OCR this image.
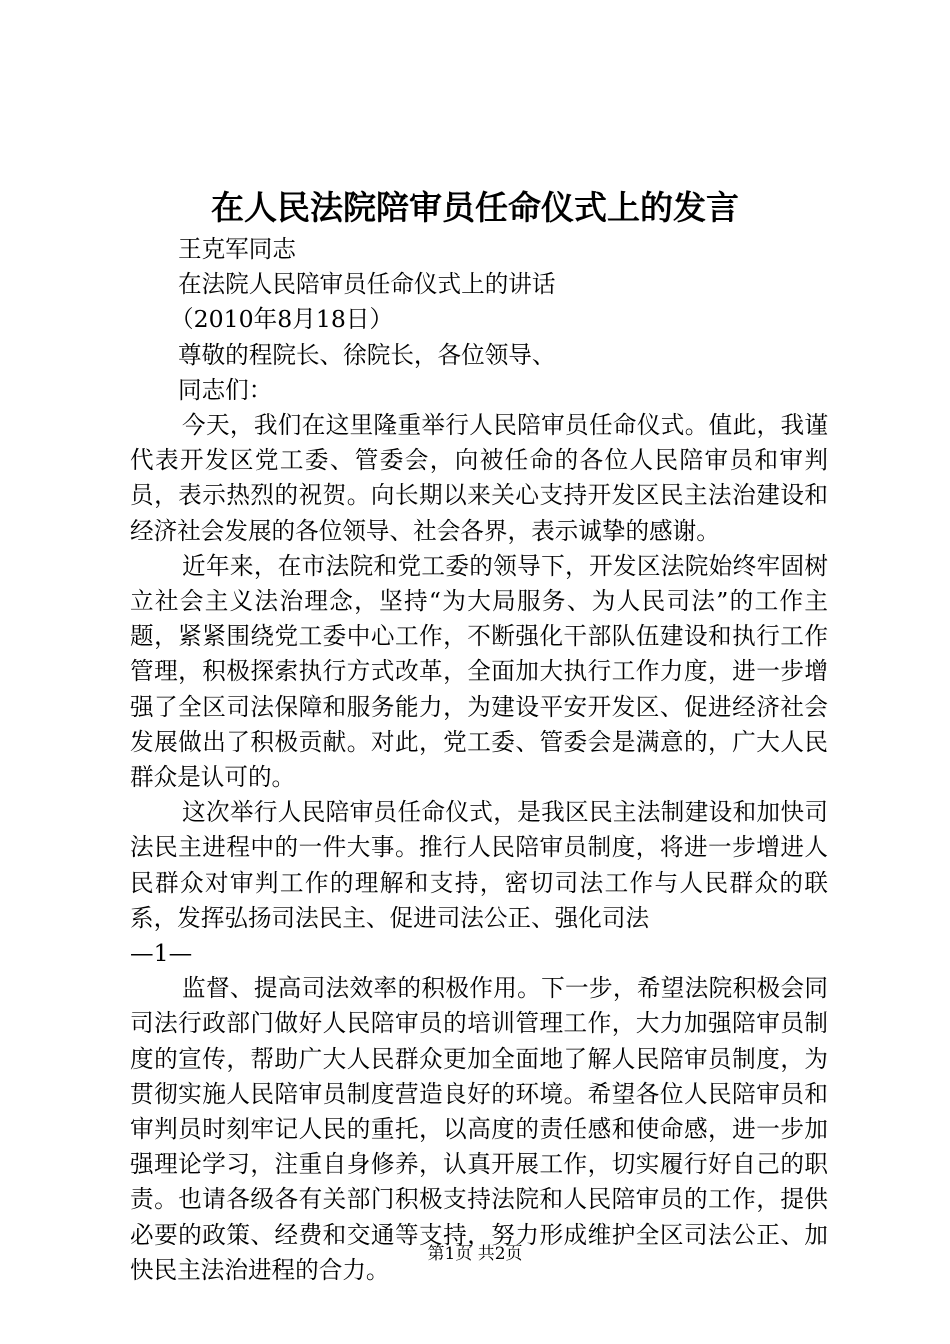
在人民法院陪审员任命仪式上的发言

王克军同志

在法院人民陪审员任命仪式上的讲话

（2010年8月18日）

尊敬的程院长、徐院长，各位领导、

同志们：

今天，我们在这里隆重举行人民陪审员任命仪式。值此，我谨代表开发区党工委、管委会，向被任命的各位人民陪审员和审判员，表示热烈的祝贺。向长期以来关心支持开发区民主法治建设和经济社会发展的各位领导、社会各界，表示诚挚的感谢。

近年来，在市法院和党工委的领导下，开发区法院始终牢固树立社会主义法治理念，坚持“为大局服务、为人民司法”的工作主题，紧紧围绕党工委中心工作，不断强化干部队伍建设和执行工作管理，积极探索执行方式改革，全面加大执行工作力度，进一步增强了全区司法保障和服务能力，为建设平安开发区、促进经济社会发展做出了积极贡献。对此，党工委、管委会是满意的，广大人民群众是认可的。

这次举行人民陪审员任命仪式，是我区民主法制建设和加快司法民主进程中的一件大事。推行人民陪审员制度，将进一步增进人民群众对审判工作的理解和支持，密切司法工作与人民群众的联系，发挥弘扬司法民主、促进司法公正、强化司法

—1—

监督、提高司法效率的积极作用。下一步，希望法院积极会同司法行政部门做好人民陪审员的培训管理工作，大力加强陪审员制度的宣传，帮助广大人民群众更加全面地了解人民陪审员制度，为贯彻实施人民陪审员制度营造良好的环境。希望各位人民陪审员和审判员时刻牢记人民的重托，以高度的责任感和使命感，进一步加强理论学习，注重自身修养，认真开展工作，切实履行好自己的职责。也请各级各有关部门积极支持法院和人民陪审员的工作，提供必要的政策、经费和交通等支持，努力形成维护全区司法公正、加快民主法治进程的合力。

第1页 共2页
